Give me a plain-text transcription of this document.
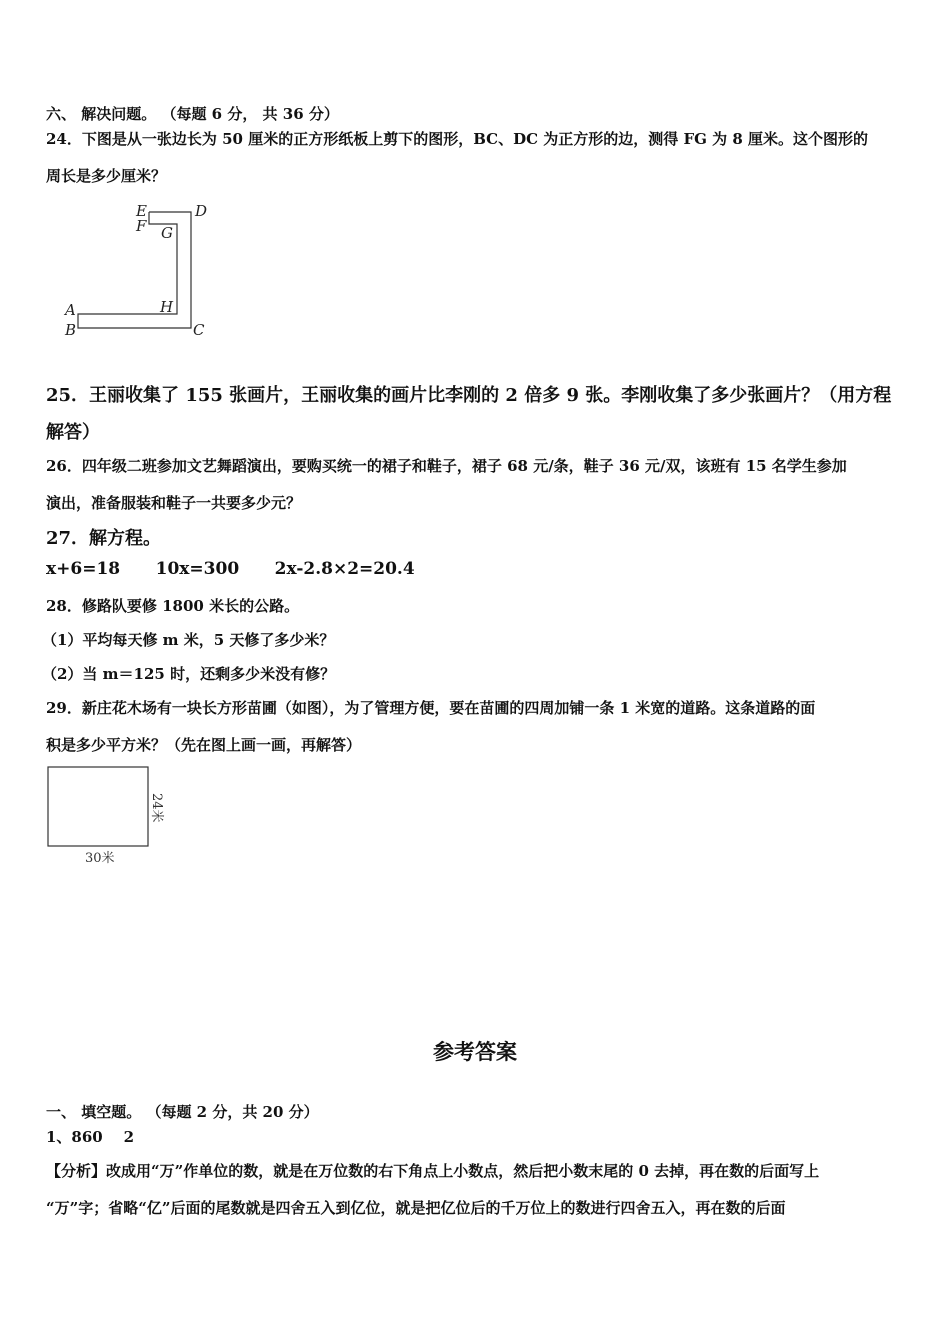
六、 解决问题。 （每题 6 分， 共 36 分）
24．下图是从一张边长为 50 厘米的正方形纸板上剪下的图形，BC、DC 为正方形的边，测得 FG 为 8 厘米。这个图形的
周长是多少厘米？
E	D
F G
A	H
B	C
25．王丽收集了 155 张画片，王丽收集的画片比李刚的 2 倍多 9 张。李刚收集了多少张画片？（用方程
解答）
26．四年级二班参加文艺舞蹈演出，要购买统一的裙子和鞋子，裙子 68 元/条，鞋子 36 元/双，该班有 15 名学生参加
演出，准备服装和鞋子一共要多少元？
27．解方程。
x+6=18      10x=300      2x-2.8×2=20.4
28．修路队要修 1800 米长的公路。
（1）平均每天修 m 米，5 天修了多少米？
（2）当 m＝125 时，还剩多少米没有修？
29．新庄花木场有一块长方形苗圃（如图），为了管理方便，要在苗圃的四周加铺一条 1 米宽的道路。这条道路的面
积是多少平方米？（先在图上画一画，再解答）
24米
30米
参考答案
一、 填空题。 （每题 2 分，共 20 分）
1、860    2
【分析】改成用“万”作单位的数，就是在万位数的右下角点上小数点，然后把小数末尾的 0 去掉，再在数的后面写上
“万”字；省略“亿”后面的尾数就是四舍五入到亿位，就是把亿位后的千万位上的数进行四舍五入，再在数的后面
